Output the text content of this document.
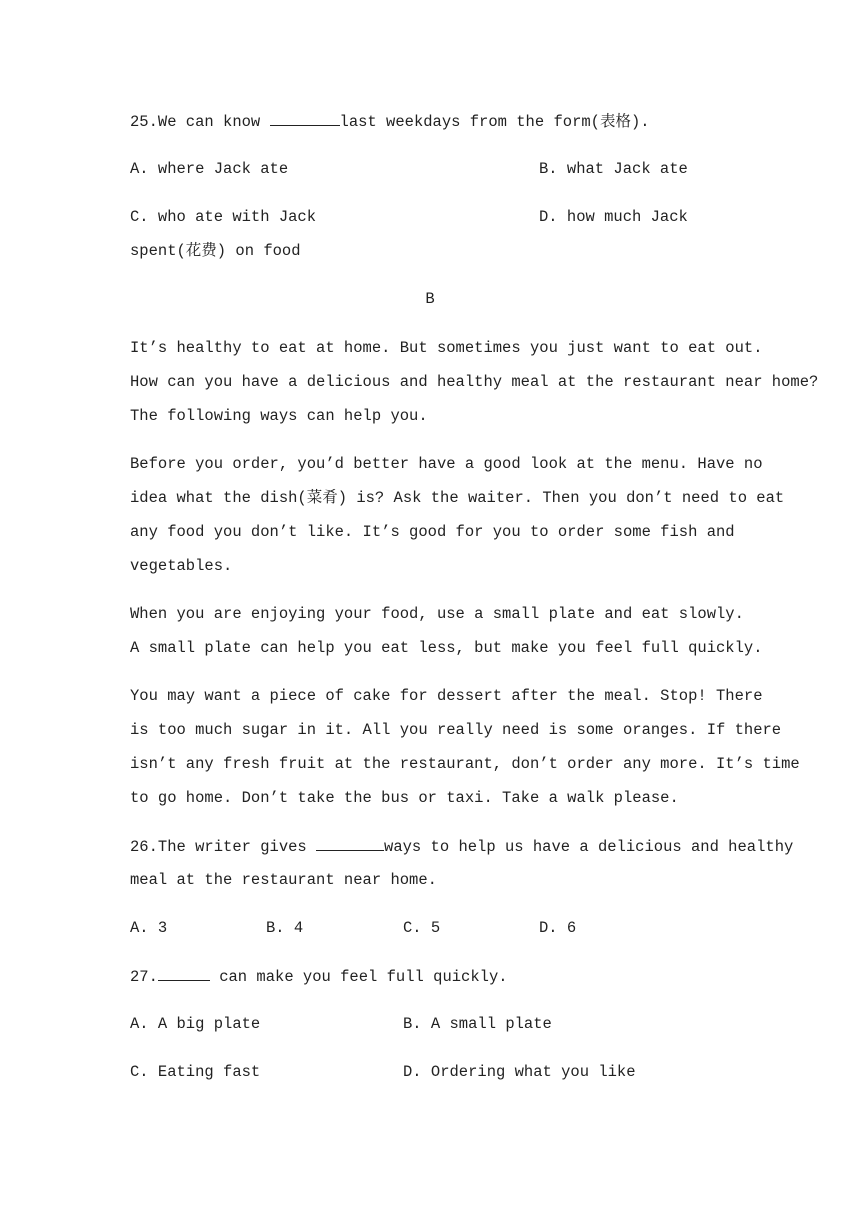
25.We can know	last weekdays from the form(表格).
A. where Jack ate	B. what Jack ate
C. who ate with Jack	D. how much Jack
spent(花费) on food
B
It’s healthy to eat at home. But sometimes you just want to eat out.
How can you have a delicious and healthy meal at the restaurant near home?
The following ways can help you.
Before you order, you’d better have a good look at the menu. Have no
idea what the dish(菜肴) is? Ask the waiter. Then you don’t need to eat
any food you don’t like. It’s good for you to order some fish and
vegetables.
When you are enjoying your food, use a small plate and eat slowly.
A small plate can help you eat less, but make you feel full quickly.
You may want a piece of cake for dessert after the meal. Stop! There
is too much sugar in it. All you really need is some oranges. If there
isn’t any fresh fruit at the restaurant, don’t order any more. It’s time
to go home. Don’t take the bus or taxi. Take a walk please.
26.The writer gives	ways to help us have a delicious and healthy
meal at the restaurant near home.
A. 3	B. 4	C. 5	D. 6
27.	can make you feel full quickly.
A. A big plate	B. A small plate
C. Eating fast	D. Ordering what you like
